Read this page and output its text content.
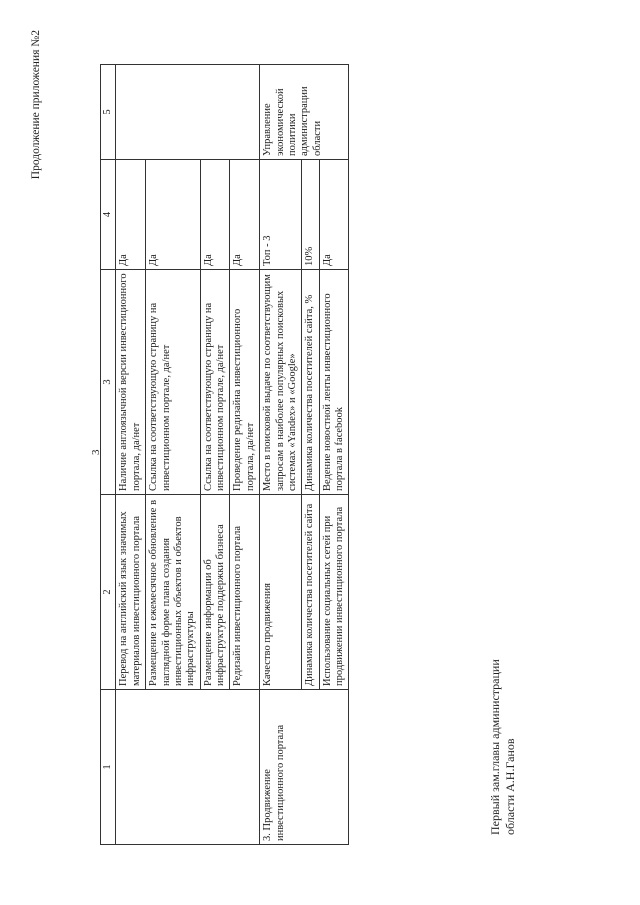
Продолжение приложения №2
3
1	2	3	4	5
	Перевод на английский язык значимых материалов инвестиционного портала	Наличие англоязычной версии инвестиционного портала, да/нет	Да	
	Размещение и ежемесячное обновление в наглядной форме плана создания инвестиционных объектов и объектов инфраструктуры	Ссылка на соответствующую страницу на инвестиционном портале, да/нет	Да	
	Размещение информации об инфраструктуре поддержки бизнеса	Ссылка на соответствующую страницу на инвестиционном портале, да/нет	Да	
	Редизайн инвестиционного портала	Проведение редизайна инвестиционного портала, да/нет	Да	
3. Продвижение инвестиционного портала	Качество продвижения	Место в поисковой выдаче по соответствующим запросам в наиболее популярных поисковых системах «Yandex» и «Google»	Топ - 3	Управление экономической политики администрации области
	Динамика количества посетителей сайта	Динамика количества посетителей сайта, %	10%	
	Использование социальных сетей при продвижении инвестиционного портала	Ведение новостной ленты инвестиционного портала в facebook	Да	
Первый зам.главы администрации области А.Н.Ганов
